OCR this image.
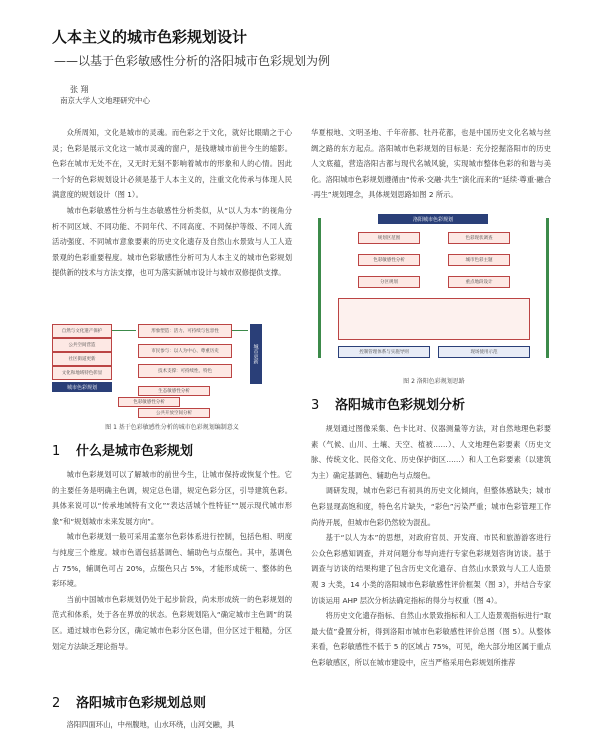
人本主义的城市色彩规划设计
——以基于色彩敏感性分析的洛阳城市色彩规划为例
张 翔
南京大学人文地理研究中心

众所周知，文化是城市的灵魂。而色彩之于文化，就好比眼睛之于心灵；色彩是展示文化这一城市灵魂的窗户，是钱塘城市前世今生的缩影。色彩在城市无处不在，又无时无刻不影响着城市的形象和人的心情。因此一个好的色彩规划设计必须是基于人本主义的，注重文化传承与体现人民满意度的规划设计（图 1）。

城市色彩敏感性分析与生态敏感性分析类似，从“以人为本”的视角分析不同区域、不同功能、不同年代、不同高度、不同保护等级、不同人流活动强度、不同城市意象要素的历史文化遗存及自然山水景致与人工人造景观的色彩重要程度。城市色彩敏感性分析可为人本主义的城市色彩规划提供新的技术与方法支撑，也可为落实新城市设计与城市双修提供支撑。

自然与文化遗产保护
公共空间营造
社区街道更新
文化和地域特色彰显
形象塑造：活力、可持续与包容性
市民参与：以人为中心、尊重历史
技术支撑：可持续性、特色
城市色彩规划
城市更新
生态敏感性分析
色彩敏感性分析
公共开放空间分析
图 1 基于色彩敏感性分析的城市色彩规划编制意义
1 什么是城市色彩规划

城市色彩规划可以了解城市的前世今生，让城市保持或恢复个性。它的主要任务是明确主色调，规定总色谱，规定色彩分区，引导建筑色彩。具体来说可以“传承地域特有文化”“表达活城个性特征”“展示现代城市形象”和“规划城市未来发展方向”。

城市色彩规划一般可采用孟塞尔色彩体系进行控制，包括色相、明度与纯度三个维度。城市色谱包括基调色、辅助色与点缀色。其中，基调色占 75%，辅调色可占 20%，点缀色只占 5%，才能形成统一、整体的色彩环境。

当前中国城市色彩规划仍处于起步阶段，尚未形成统一的色彩规划的范式和体系，处于各在界放的状态。色彩规划陷入“确定城市主色调”的误区。通过城市色彩分区，确定城市色彩分区色谱，但分区过于粗糙，分区划定方法缺乏理论指导。

2 洛阳城市色彩规划总则

洛阳四面环山，中州腹地，山水环绕，山河交融，具

华夏根地、文明圣地、千年帝都、牡丹花都，也是中国历史文化名城与丝绸之路的东方起点。洛阳城市色彩规划的目标是：充分挖掘洛阳市的历史人文底蕴，营造洛阳古都与现代名城风貌，实现城市整体色彩的和谐与美化。洛阳城市色彩规划遵循由“传承·交融·共生”演化而来的“延续·尊重·融合·再生”规划理念，具体规划思路如图 2 所示。

洛阳城市色彩规划
规划区范围	色彩现状调查
色彩敏感性分析	城市色彩主题
分区规划	重点地段设计
控制管理体系与实施导则	现场使用示范
图 2 洛阳色彩规划思路
3 洛阳城市色彩规划分析

规划通过图像采集、色卡比对、仪器测量等方法，对自然地理色彩要素（气候、山川、土壤、天空、植被……）、人文地理色彩要素（历史文脉、传统文化、民俗文化、历史保护街区……）和人工色彩要素（以建筑为主）确定基调色、辅助色与点缀色。

调研发现，城市色彩已有初具的历史文化倾向，但整体感缺失；城市色彩显现高饱和度，特色名片缺失，“彩色”污染严重；城市色彩管理工作尚待开展，但城市色彩仍然较为混乱。

基于“以人为本”的思想，对政府官员、开发商、市民和旅游游客进行公众色彩感知调查，并对问题分布导向进行专家色彩规划咨询访谈。基于调查与访谈的结果构建了包含历史文化遗存、自然山水景致与人工人造景观 3 大类，14 小类的洛阳城市色彩敏感性评价框架（图 3），并结合专家访谈运用 AHP 层次分析法确定指标的得分与权重（图 4）。

将历史文化遗存指标、自然山水景致指标和人工人造景观指标进行“取最大值”叠置分析，得到洛阳市城市色彩敏感性评价总图（图 5）。从整体来看，色彩敏感性不低于 5 的区域占 75%，可见，绝大部分地区属于重点色彩敏感区，所以在城市建设中，应当严格采用色彩规划所推荐
